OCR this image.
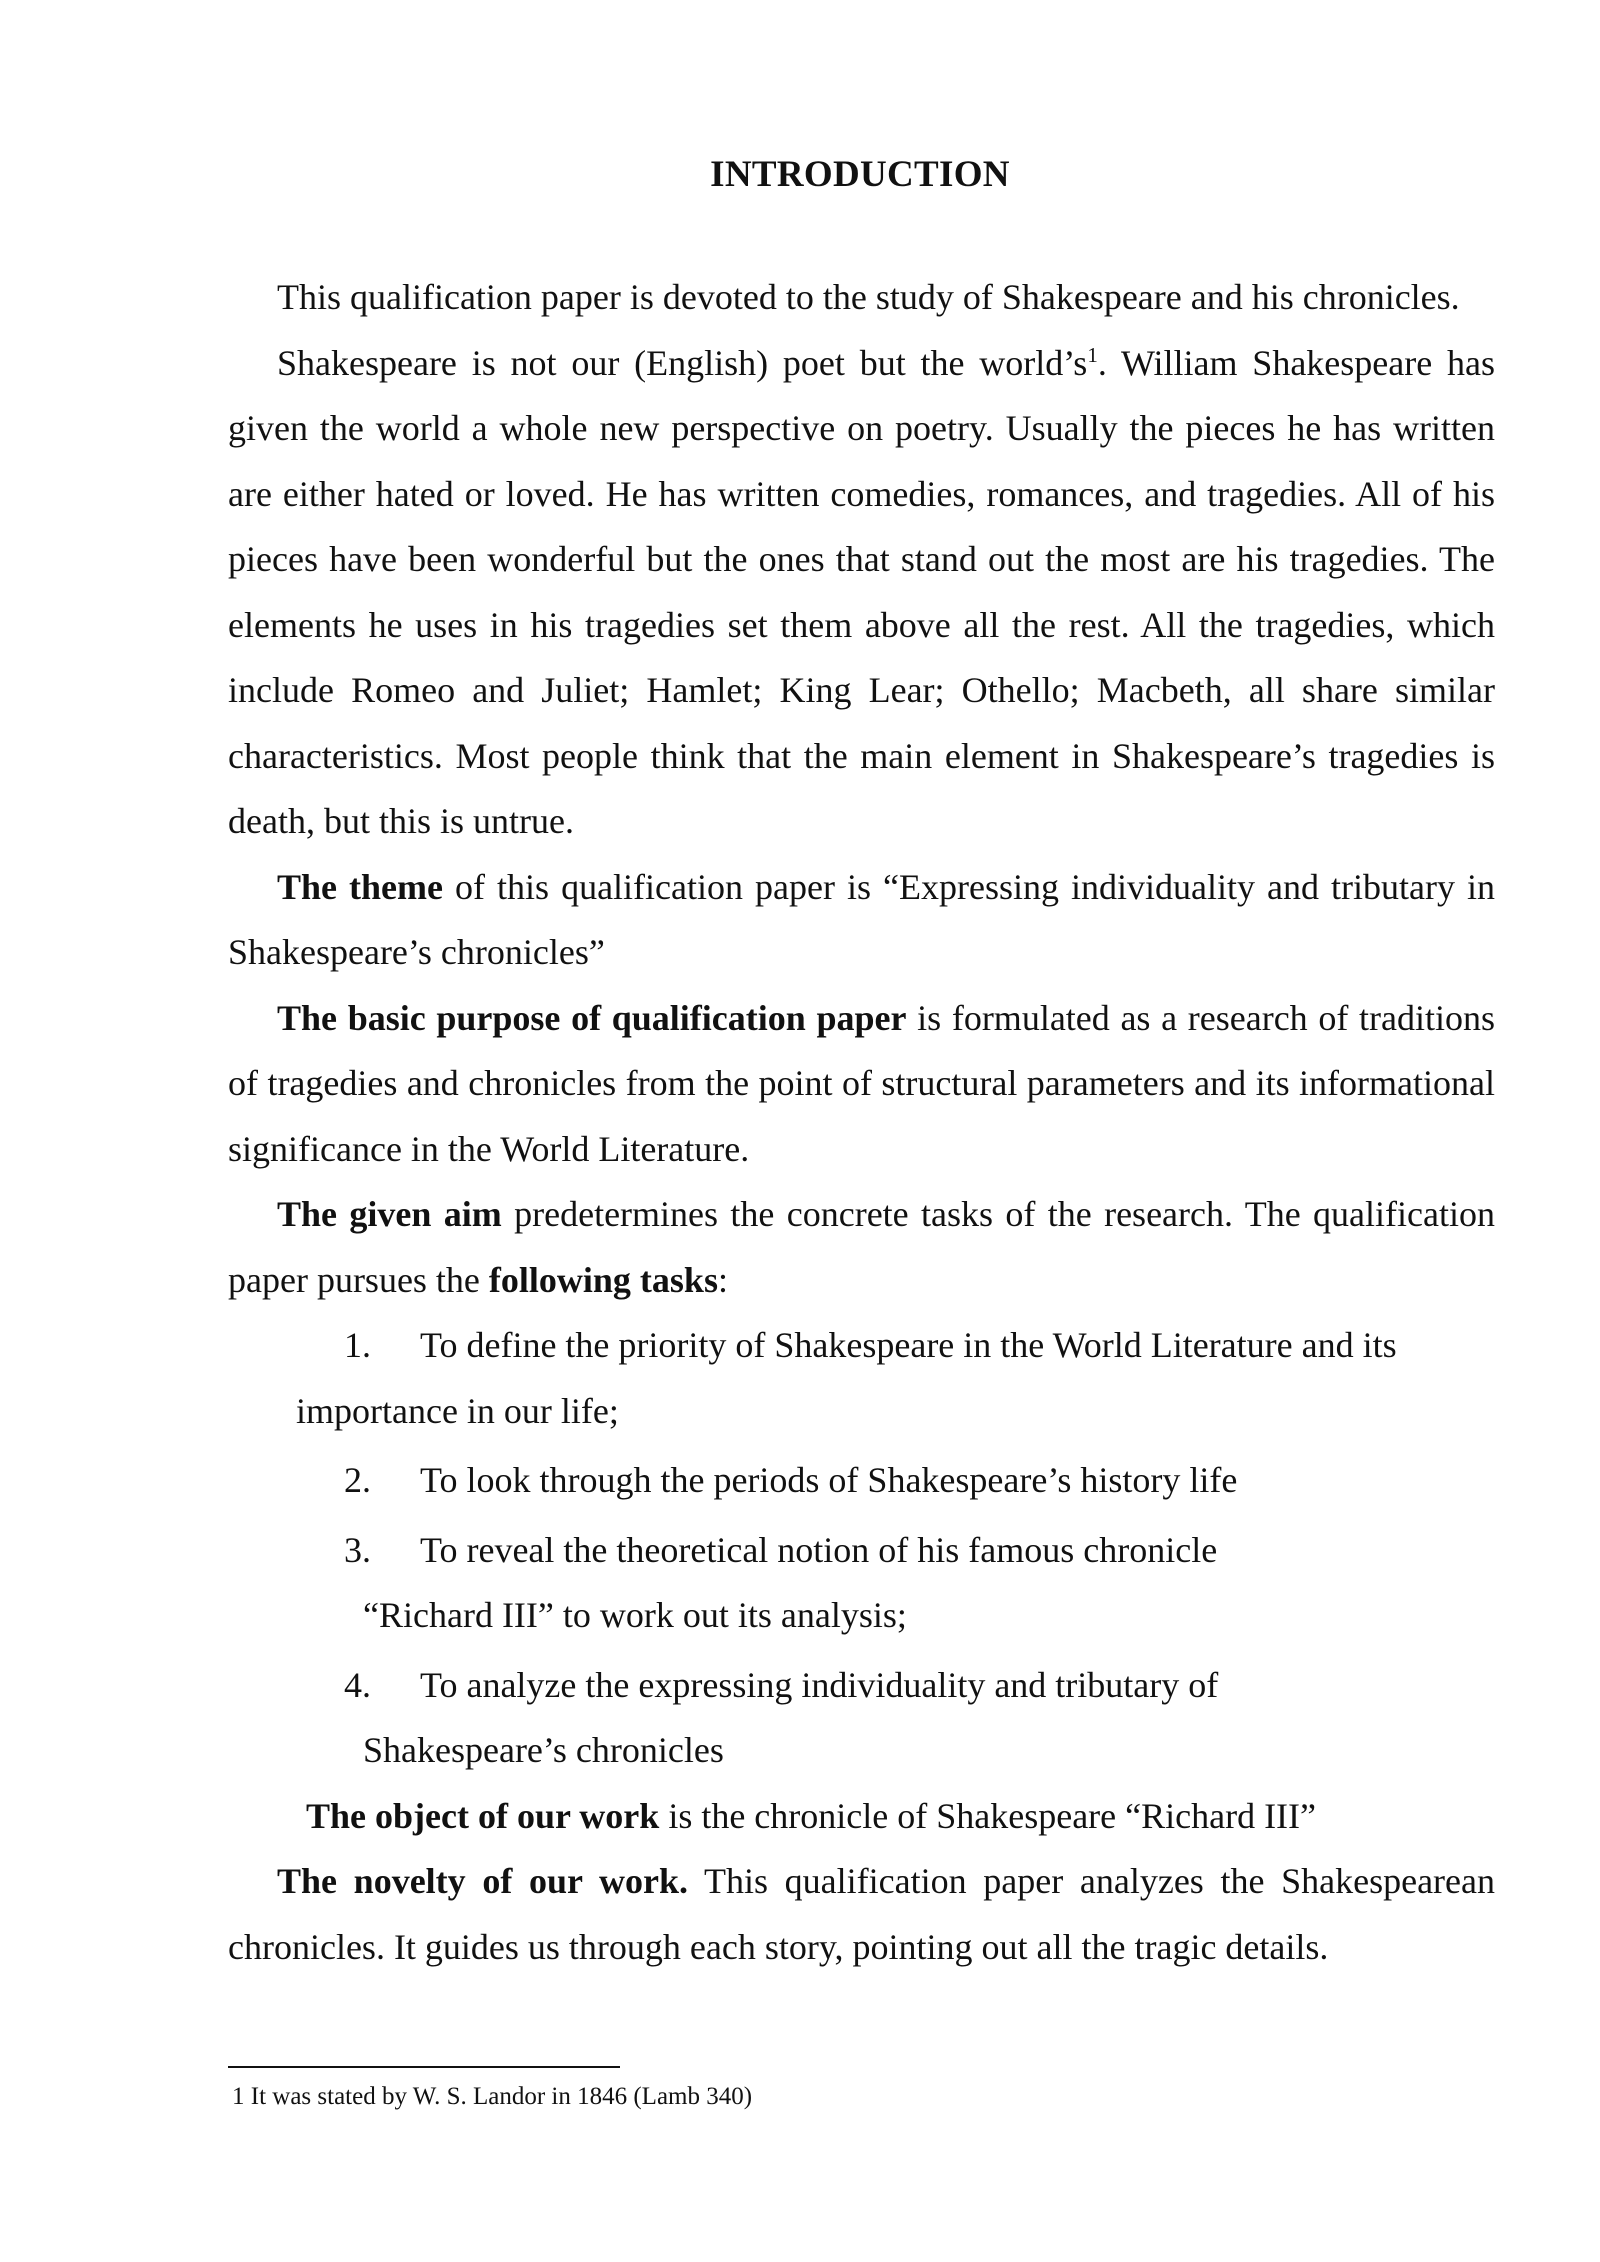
INTRODUCTION

This qualification paper is devoted to the study of Shakespeare and his chronicles.

Shakespeare is not our (English) poet but the $world’s^1$. William Shakespeare has given the world a whole new perspective on poetry. Usually the pieces he has written are either hated or loved. He has written comedies, romances, and tragedies. All of his pieces have been wonderful but the ones that stand out the most are his tragedies. The elements he uses in his tragedies set them above all the rest. All the tragedies, which include Romeo and Juliet; Hamlet; King Lear; Othello; Macbeth, all share similar characteristics. Most people think that the main element in Shakespeare’s tragedies is death, but this is untrue.

The theme of this qualification paper is “Expressing individuality and tributary in Shakespeare’s chronicles”

The basic purpose of qualification paper is formulated as a research of traditions of tragedies and chronicles from the point of structural parameters and its informational significance in the World Literature.

The given aim predetermines the concrete tasks of the research. The qualification paper pursues the following tasks:

1. To define the priority of Shakespeare in the World Literature and its
importance in our life;
2. To look through the periods of Shakespeare’s history life
3. To reveal the theoretical notion of his famous chronicle
“Richard III” to work out its analysis;
4. To analyze the expressing individuality and tributary of
Shakespeare’s chronicles

The object of our work is the chronicle of Shakespeare “Richard III”

The novelty of our work. This qualification paper analyzes the Shakespearean chronicles. It guides us through each story, pointing out all the tragic details.

1 It was stated by W. S. Landor in 1846 (Lamb 340)
